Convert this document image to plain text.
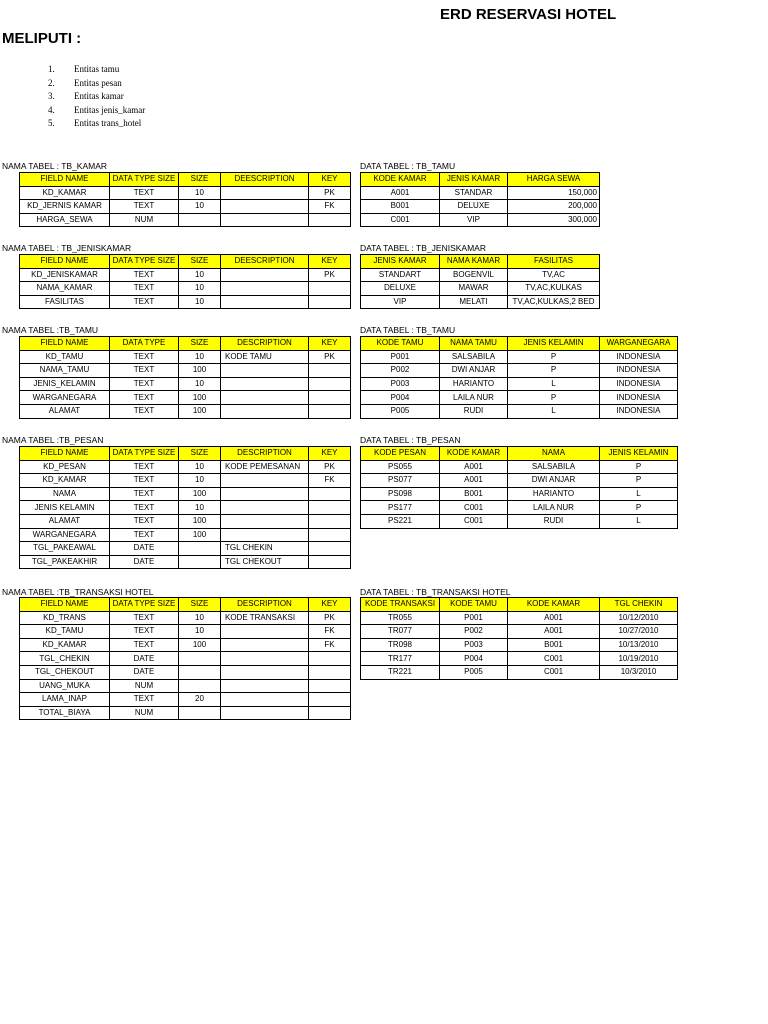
ERD RESERVASI HOTEL
MELIPUTI :
1. Entitas tamu
2. Entitas pesan
3. Entitas kamar
4. Entitas jenis_kamar
5. Entitas trans_hotel
NAMA TABEL : TB_KAMAR	DATA TABEL : TB_TAMU
FIELD NAME	DATA TYPE SIZE	SIZE	DEESCRIPTION	KEY
KD_KAMAR	TEXT	10		PK
KD_JERNIS KAMAR	TEXT	10		FK
HARGA_SEWA	NUM			
KODE KAMAR	JENIS KAMAR	HARGA SEWA
A001	STANDAR	150,000
B001	DELUXE	200,000
C001	VIP	300,000
NAMA TABEL : TB_JENISKAMAR	DATA TABEL : TB_JENISKAMAR
FIELD NAME	DATA TYPE SIZE	SIZE	DEESCRIPTION	KEY
KD_JENISKAMAR	TEXT	10		PK
NAMA_KAMAR	TEXT	10		
FASILITAS	TEXT	10		
JENIS KAMAR	NAMA KAMAR	FASILITAS
STANDART	BOGENVIL	TV,AC
DELUXE	MAWAR	TV,AC,KULKAS
VIP	MELATI	TV,AC,KULKAS,2 BED
NAMA TABEL :TB_TAMU	DATA TABEL : TB_TAMU
FIELD NAME	DATA TYPE	SIZE	DESCRIPTION	KEY
KD_TAMU	TEXT	10	KODE TAMU	PK
NAMA_TAMU	TEXT	100		
JENIS_KELAMIN	TEXT	10		
WARGANEGARA	TEXT	100		
ALAMAT	TEXT	100		
KODE TAMU	NAMA TAMU	JENIS KELAMIN	WARGANEGARA
P001	SALSABILA	P	INDONESIA
P002	DWI ANJAR	P	INDONESIA
P003	HARIANTO	L	INDONESIA
P004	LAILA NUR	P	INDONESIA
P005	RUDI	L	INDONESIA
NAMA TABEL :TB_PESAN	DATA TABEL : TB_PESAN
FIELD NAME	DATA TYPE SIZE	SIZE	DESCRIPTION	KEY
KD_PESAN	TEXT	10	KODE PEMESANAN	PK
KD_KAMAR	TEXT	10		FK
NAMA	TEXT	100		
JENIS KELAMIN	TEXT	10		
ALAMAT	TEXT	100		
WARGANEGARA	TEXT	100		
TGL_PAKEAWAL	DATE		TGL CHEKIN	
TGL_PAKEAKHIR	DATE		TGL CHEKOUT	
KODE PESAN	KODE KAMAR	NAMA	JENIS KELAMIN
PS055	A001	SALSABILA	P
PS077	A001	DWI ANJAR	P
PS098	B001	HARIANTO	L
PS177	C001	LAILA NUR	P
PS221	C001	RUDI	L
NAMA TABEL :TB_TRANSAKSI HOTEL	DATA TABEL : TB_TRANSAKSI HOTEL
FIELD NAME	DATA TYPE SIZE	SIZE	DESCRIPTION	KEY
KD_TRANS	TEXT	10	KODE TRANSAKSI	PK
KD_TAMU	TEXT	10		FK
KD_KAMAR	TEXT	100		FK
TGL_CHEKIN	DATE			
TGL_CHEKOUT	DATE			
UANG_MUKA	NUM			
LAMA_INAP	TEXT	20		
TOTAL_BIAYA	NUM			
KODE TRANSAKSI	KODE TAMU	KODE KAMAR	TGL CHEKIN
TR055	P001	A001	10/12/2010
TR077	P002	A001	10/27/2010
TR098	P003	B001	10/13/2010
TR177	P004	C001	10/19/2010
TR221	P005	C001	10/3/2010
